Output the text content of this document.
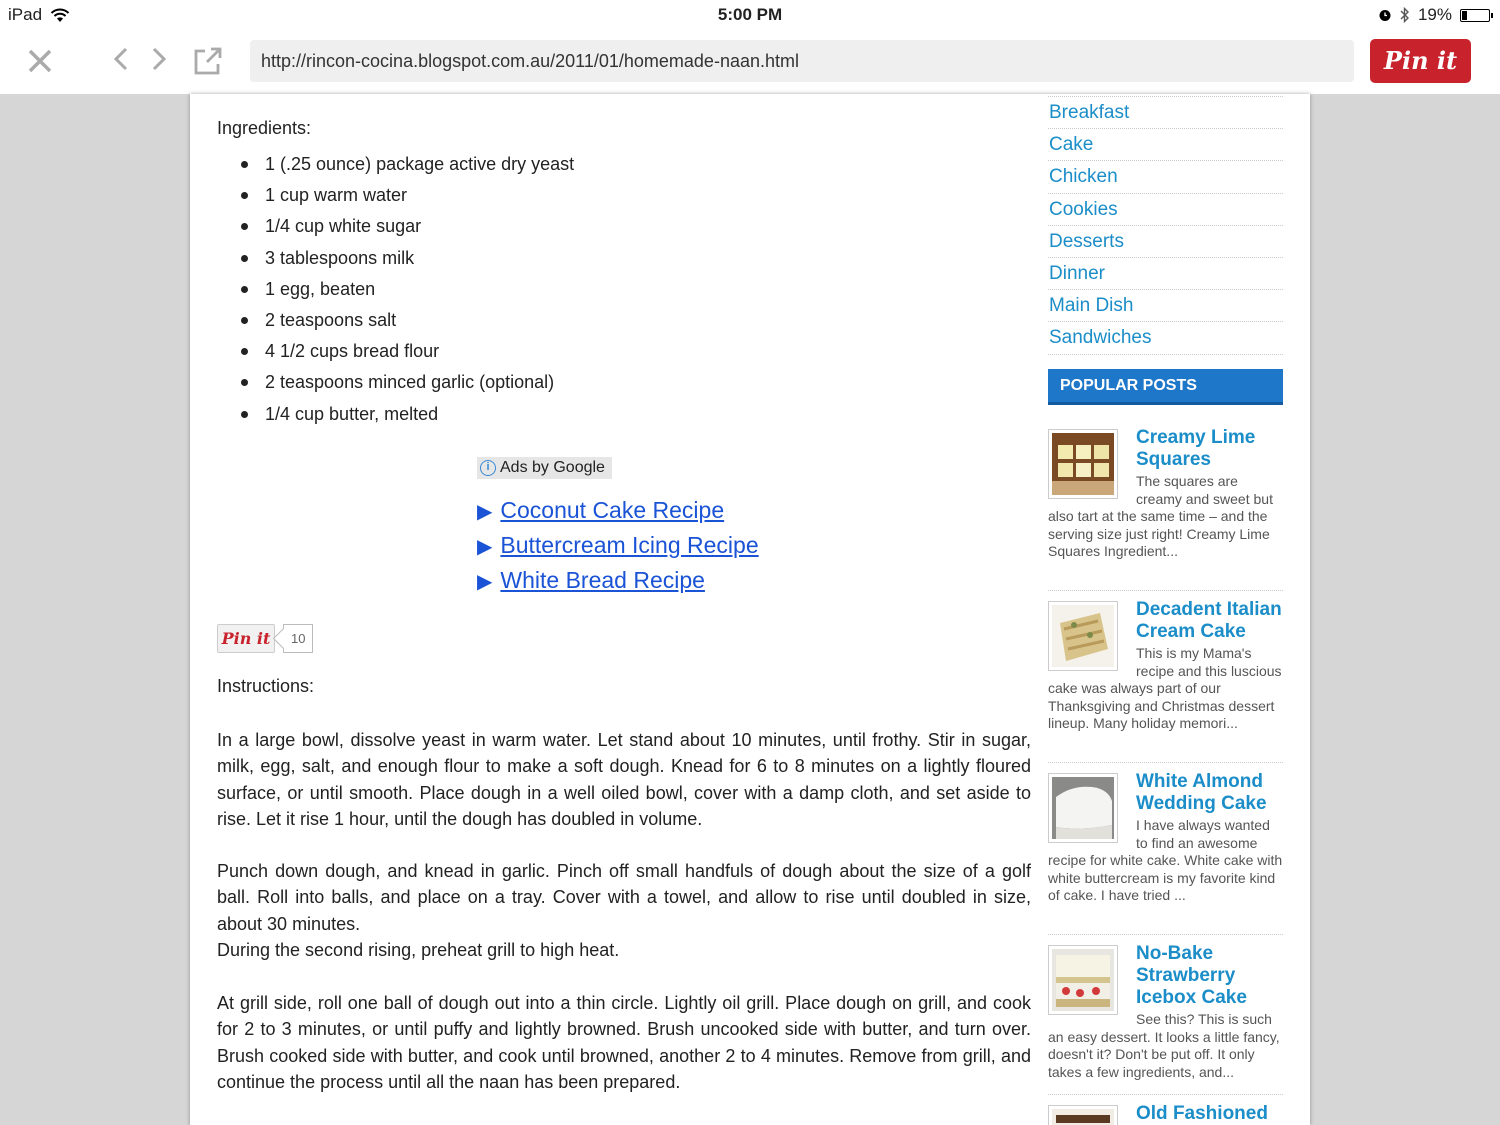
iPad	5:00 PM	19%
http://rincon-cocina.blogspot.com.au/2011/01/homemade-naan.html	Pin it
Ingredients:
1 (.25 ounce) package active dry yeast
1 cup warm water
1/4 cup white sugar
3 tablespoons milk
1 egg, beaten
2 teaspoons salt
4 1/2 cups bread flour
2 teaspoons minced garlic (optional)
1/4 cup butter, melted
i Ads by Google
▶ Coconut Cake Recipe
▶ Buttercream Icing Recipe
▶ White Bread Recipe
Pin it	10
Instructions:
In a large bowl, dissolve yeast in warm water. Let stand about 10 minutes, until frothy. Stir in sugar, milk, egg, salt, and enough flour to make a soft dough. Knead for 6 to 8 minutes on a lightly floured surface, or until smooth. Place dough in a well oiled bowl, cover with a damp cloth, and set aside to rise. Let it rise 1 hour, until the dough has doubled in volume.
Punch down dough, and knead in garlic. Pinch off small handfuls of dough about the size of a golf ball. Roll into balls, and place on a tray. Cover with a towel, and allow to rise until doubled in size, about 30 minutes.
During the second rising, preheat grill to high heat.
At grill side, roll one ball of dough out into a thin circle. Lightly oil grill. Place dough on grill, and cook for 2 to 3 minutes, or until puffy and lightly browned. Brush uncooked side with butter, and turn over. Brush cooked side with butter, and cook until browned, another 2 to 4 minutes. Remove from grill, and continue the process until all the naan has been prepared.
Breakfast
Cake
Chicken
Cookies
Desserts
Dinner
Main Dish
Sandwiches
POPULAR POSTS
Creamy Lime Squares
The squares are creamy and sweet but also tart at the same time – and the serving size just right! Creamy Lime Squares Ingredient...
Decadent Italian Cream Cake
This is my Mama's recipe and this luscious cake was always part of our Thanksgiving and Christmas dessert lineup. Many holiday memori...
White Almond Wedding Cake
I have always wanted to find an awesome recipe for white cake. White cake with white buttercream is my favorite kind of cake. I have tried ...
No-Bake Strawberry Icebox Cake
See this? This is such an easy dessert. It looks a little fancy, doesn't it? Don't be put off. It only takes a few ingredients, and...
Old Fashioned
